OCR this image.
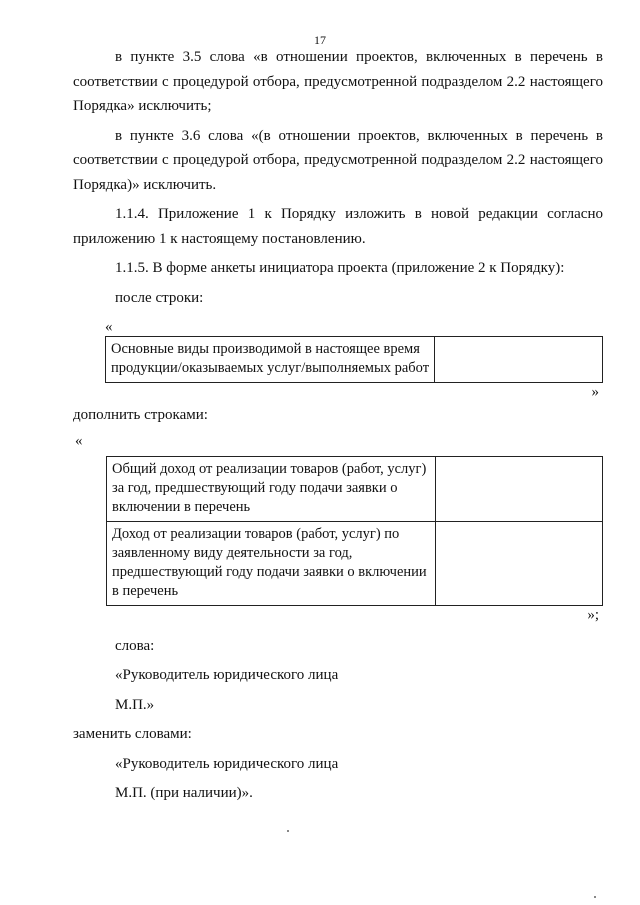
17

в пункте 3.5 слова «в отношении проектов, включенных в перечень в соответствии с процедурой отбора, предусмотренной подразделом 2.2 настоящего Порядка» исключить;

в пункте 3.6 слова «(в отношении проектов, включенных в перечень в соответствии с процедурой отбора, предусмотренной подразделом 2.2 настоящего Порядка)» исключить.

1.1.4. Приложение 1 к Порядку изложить в новой редакции согласно приложению 1 к настоящему постановлению.

1.1.5. В форме анкеты инициатора проекта (приложение 2 к Порядку):

после строки:

«

Основные виды производимой в настоящее время продукции/оказываемых услуг/выполняемых работ	

»

дополнить строками:

«

Общий доход от реализации товаров (работ, услуг) за год, предшествующий году подачи заявки о включении в перечень	
Доход от реализации товаров (работ, услуг) по заявленному виду деятельности за год, предшествующий году подачи заявки о включении в перечень	

»;

слова:

«Руководитель юридического лица

М.П.»

заменить словами:

«Руководитель юридического лица

М.П. (при наличии)».
